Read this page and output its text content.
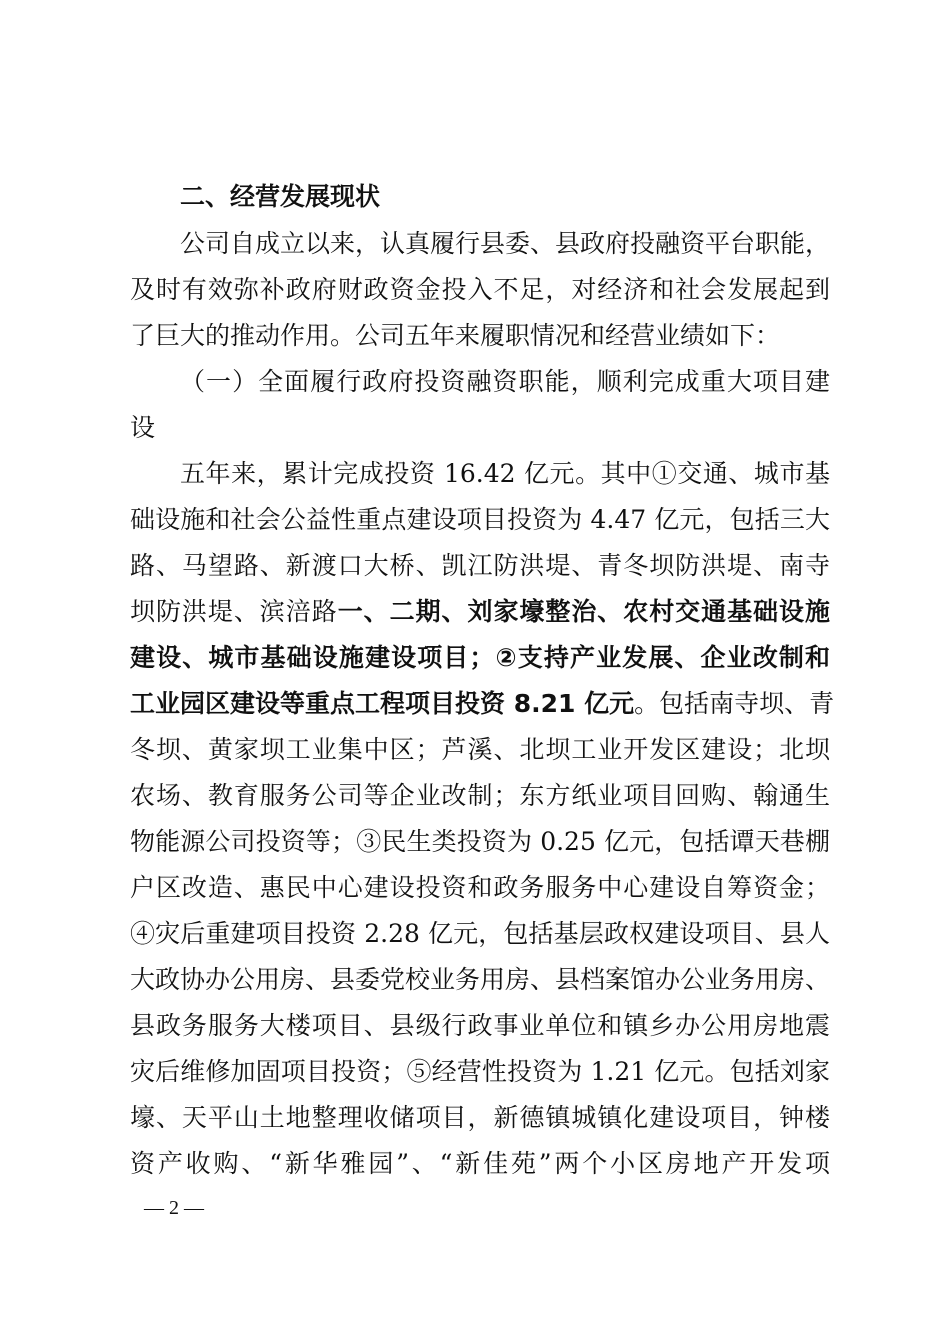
二、经营发展现状
公司自成立以来，认真履行县委、县政府投融资平台职能，
及时有效弥补政府财政资金投入不足，对经济和社会发展起到
了巨大的推动作用。公司五年来履职情况和经营业绩如下：
（一）全面履行政府投资融资职能，顺利完成重大项目建
设
五年来，累计完成投资 16.42 亿元。其中①交通、城市基
础设施和社会公益性重点建设项目投资为 4.47 亿元，包括三大
路、马望路、新渡口大桥、凯江防洪堤、青冬坝防洪堤、南寺
坝防洪堤、滨涪路一、二期、刘家壕整治、农村交通基础设施
建设、城市基础设施建设项目；②支持产业发展、企业改制和
工业园区建设等重点工程项目投资 8.21 亿元。包括南寺坝、青
冬坝、黄家坝工业集中区；芦溪、北坝工业开发区建设；北坝
农场、教育服务公司等企业改制；东方纸业项目回购、翰通生
物能源公司投资等；③民生类投资为 0.25 亿元，包括谭天巷棚
户区改造、惠民中心建设投资和政务服务中心建设自筹资金；
④灾后重建项目投资 2.28 亿元，包括基层政权建设项目、县人
大政协办公用房、县委党校业务用房、县档案馆办公业务用房、
县政务服务大楼项目、县级行政事业单位和镇乡办公用房地震
灾后维修加固项目投资；⑤经营性投资为 1.21 亿元。包括刘家
壕、天平山土地整理收储项目，新德镇城镇化建设项目，钟楼
资产收购、“新华雅园”、“新佳苑”两个小区房地产开发项
— 2 —
